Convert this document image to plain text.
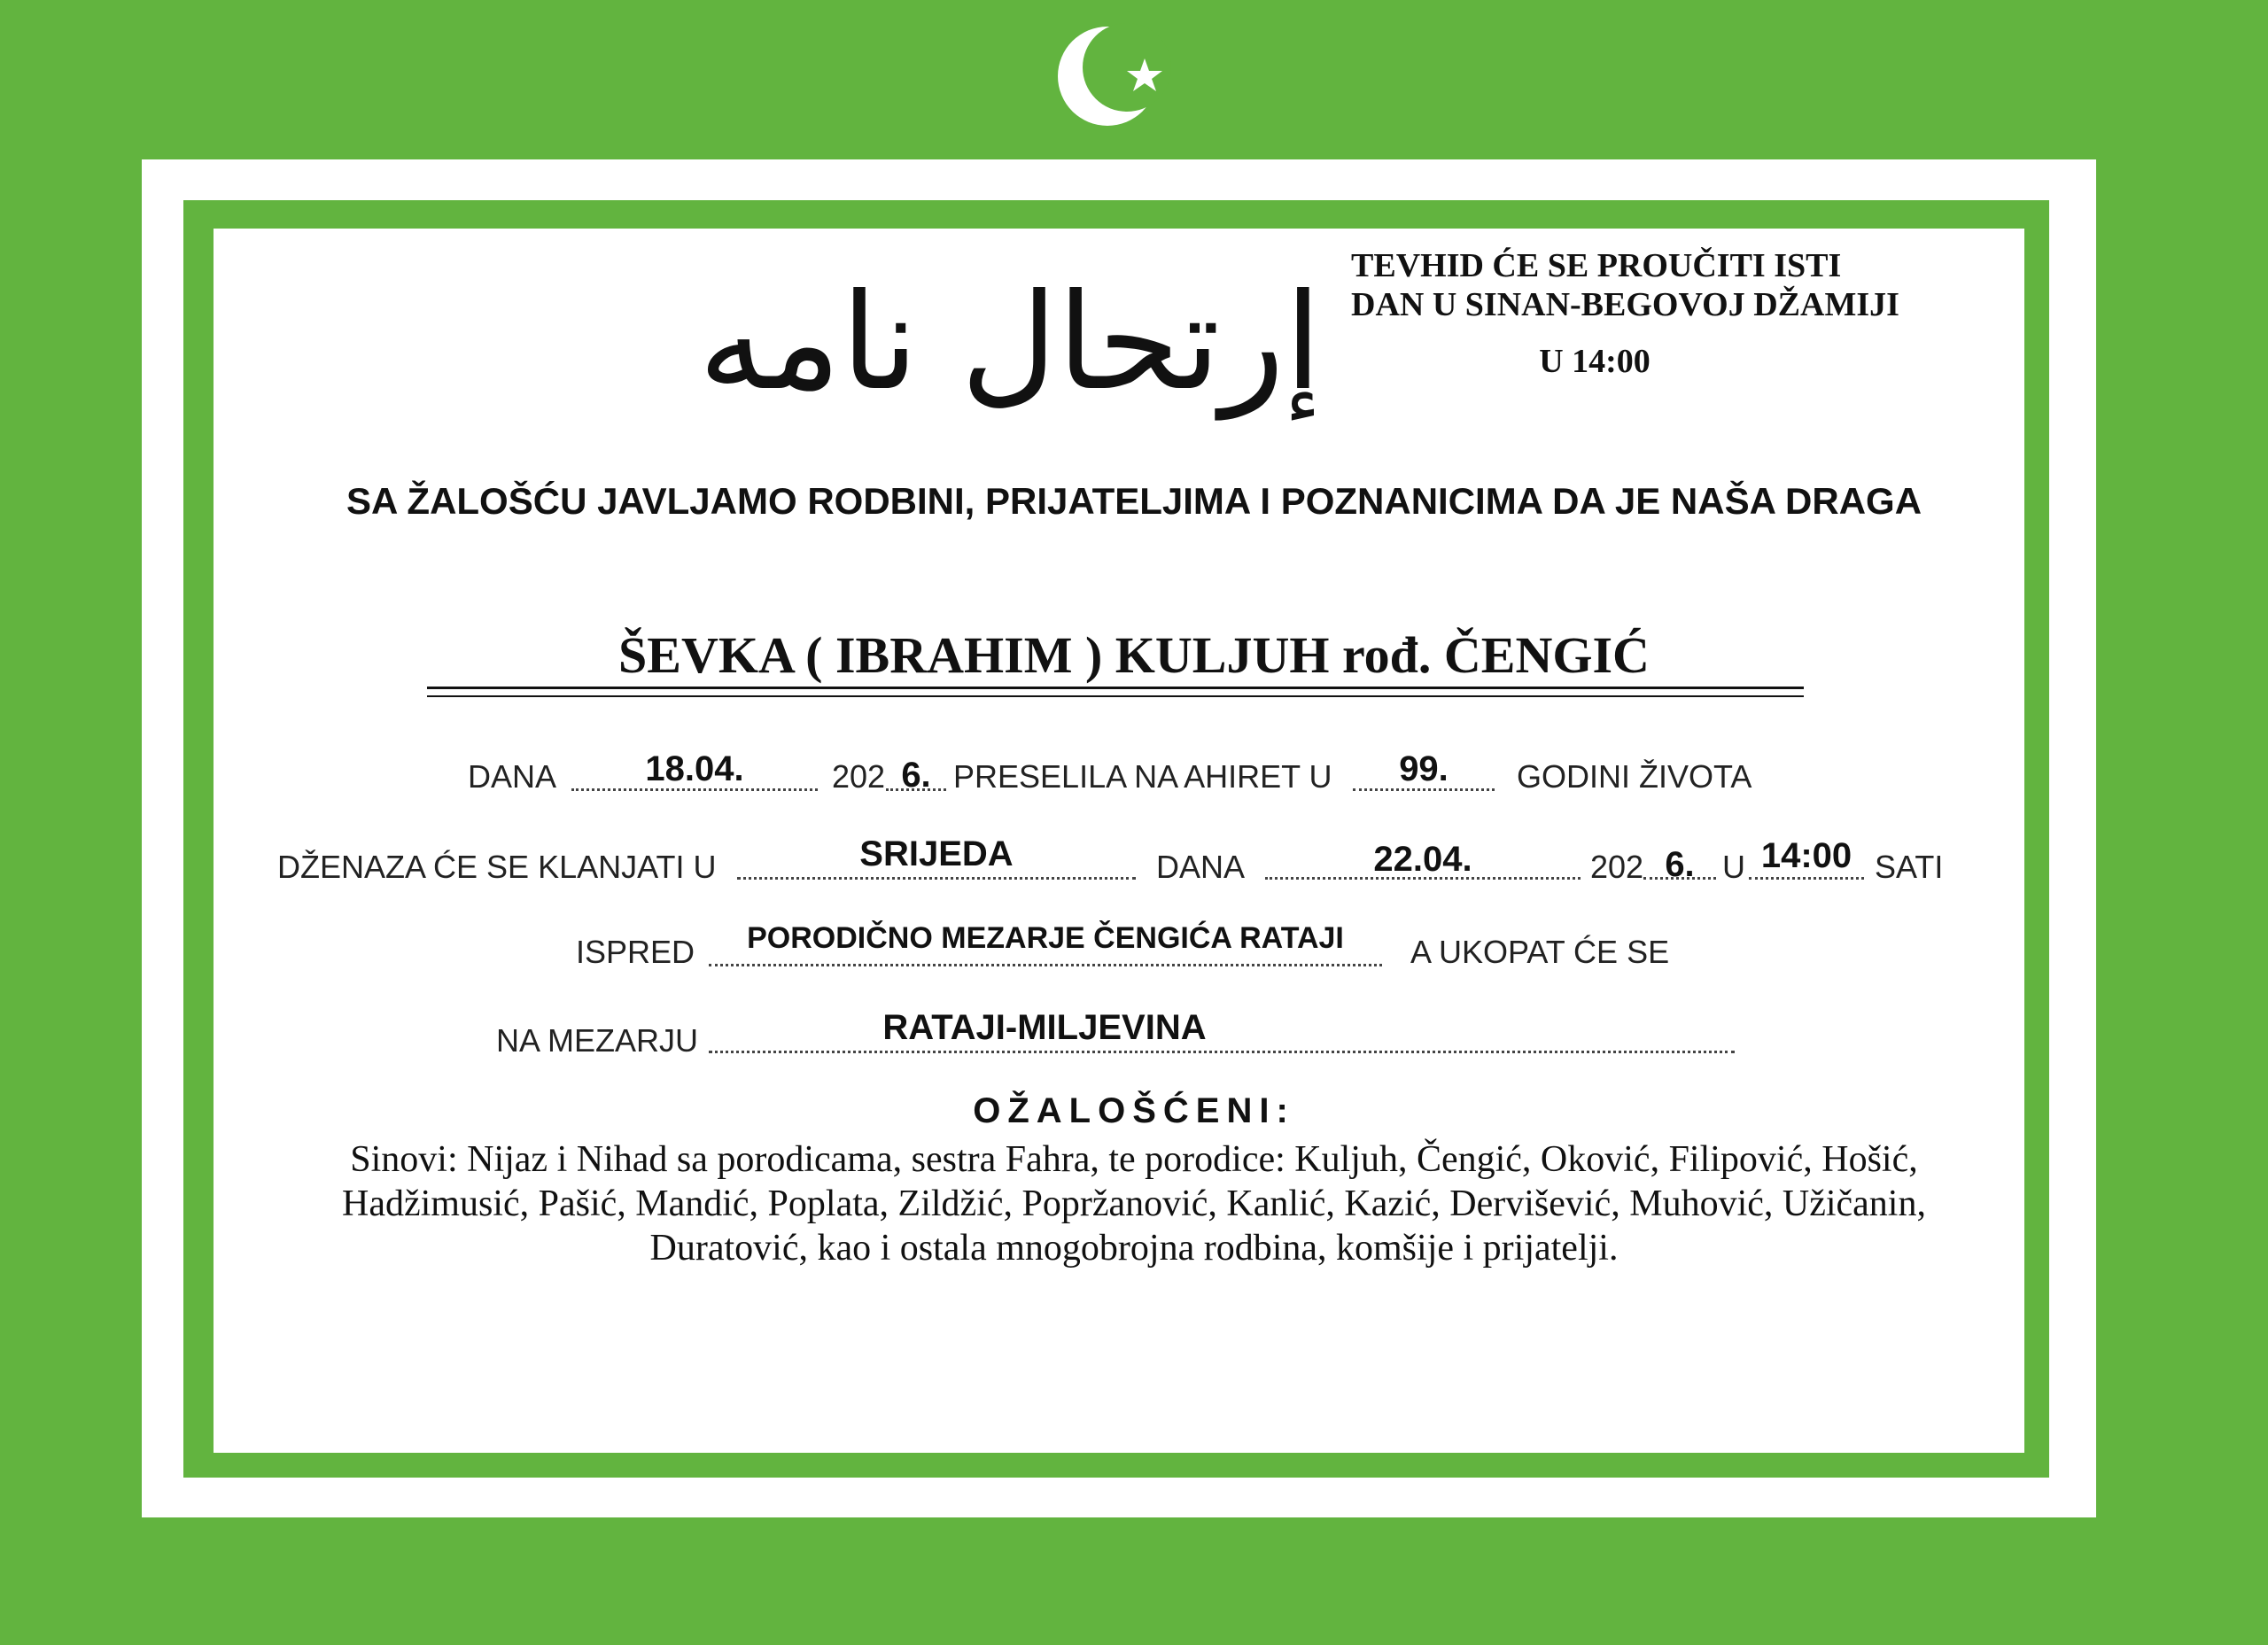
إرتحال نامه TEVHID ĆE SE PROUČITI ISTI
DAN U SINAN-BEGOVOJ DŽAMIJI
U 14:00
SA ŽALOŠĆU JAVLJAMO RODBINI, PRIJATELJIMA I POZNANICIMA DA JE NAŠA DRAGA
ŠEVKA ( IBRAHIM ) KULJUH rođ. ČENGIĆ
DANA	18.04.	202 6. PRESELILA NA AHIRET U	99.	GODINI ŽIVOTA
DŽENAZA ĆE SE KLANJATI U	SRIJEDA	DANA	22.04.	202 6. U 14:00 SATI
ISPRED	PORODIČNO MEZARJE ČENGIĆA RATAJI	A UKOPAT ĆE SE
NA MEZARJU	RATAJI-MILJEVINA
OŽALOŠĆENI:
Sinovi: Nijaz i Nihad sa porodicama, sestra Fahra, te porodice: Kuljuh, Čengić, Oković, Filipović, Hošić,
Hadžimusić, Pašić, Mandić, Poplata, Zildžić, Popržanović, Kanlić, Kazić, Dervišević, Muhović, Užičanin,
Duratović, kao i ostala mnogobrojna rodbina, komšije i prijatelji.
